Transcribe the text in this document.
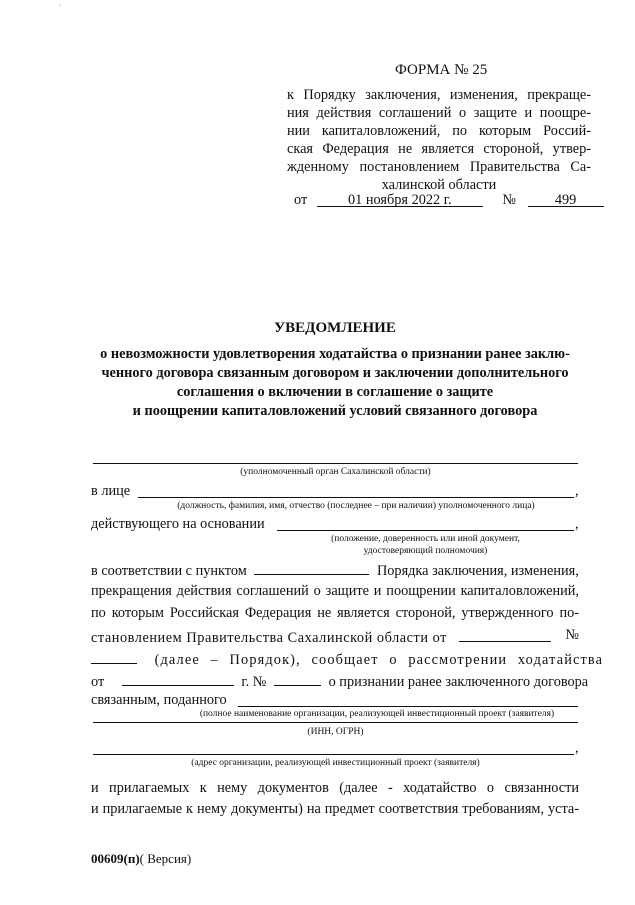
˜
ФОРМА № 25
к Порядку заключения, изменения, прекраще-
ния действия соглашений о защите и поощре-
нии капиталовложений, по которым Россий-
ская Федерация не является стороной, утвер-
жденному постановлением Правительства Са-
халинской области
от	01 ноября 2022 г.	№	499
УВЕДОМЛЕНИЕ
о невозможности удовлетворения ходатайства о признании ранее заклю-
ченного договора связанным договором и заключении дополнительного
соглашения о включении в соглашение о защите
и поощрении капиталовложений условий связанного договора
(уполномоченный орган Сахалинской области)
в лице	,
(должность, фамилия, имя, отчество (последнее – при наличии) уполномоченного лица)
действующего на основании	,
(положение, доверенность или иной документ,
удостоверяющий полномочия)
в соответствии с пунктом	Порядка заключения, изменения,
прекращения действия соглашений о защите и поощрении капиталовложений,
по которым Российская Федерация не является стороной, утвержденного по-
становлением Правительства Сахалинской области от	№
(далее – Порядок), сообщает о рассмотрении ходатайства
от	г. №	о признании ранее заключенного договора
связанным, поданного
(полное наименование организации, реализующей инвестиционный проект (заявителя)
(ИНН, ОГРН)
,
(адрес организации, реализующей инвестиционный проект (заявителя)
и прилагаемых к нему документов (далее - ходатайство о связанности
и прилагаемые к нему документы) на предмет соответствия требованиям, уста-
00609(п)( Версия)
